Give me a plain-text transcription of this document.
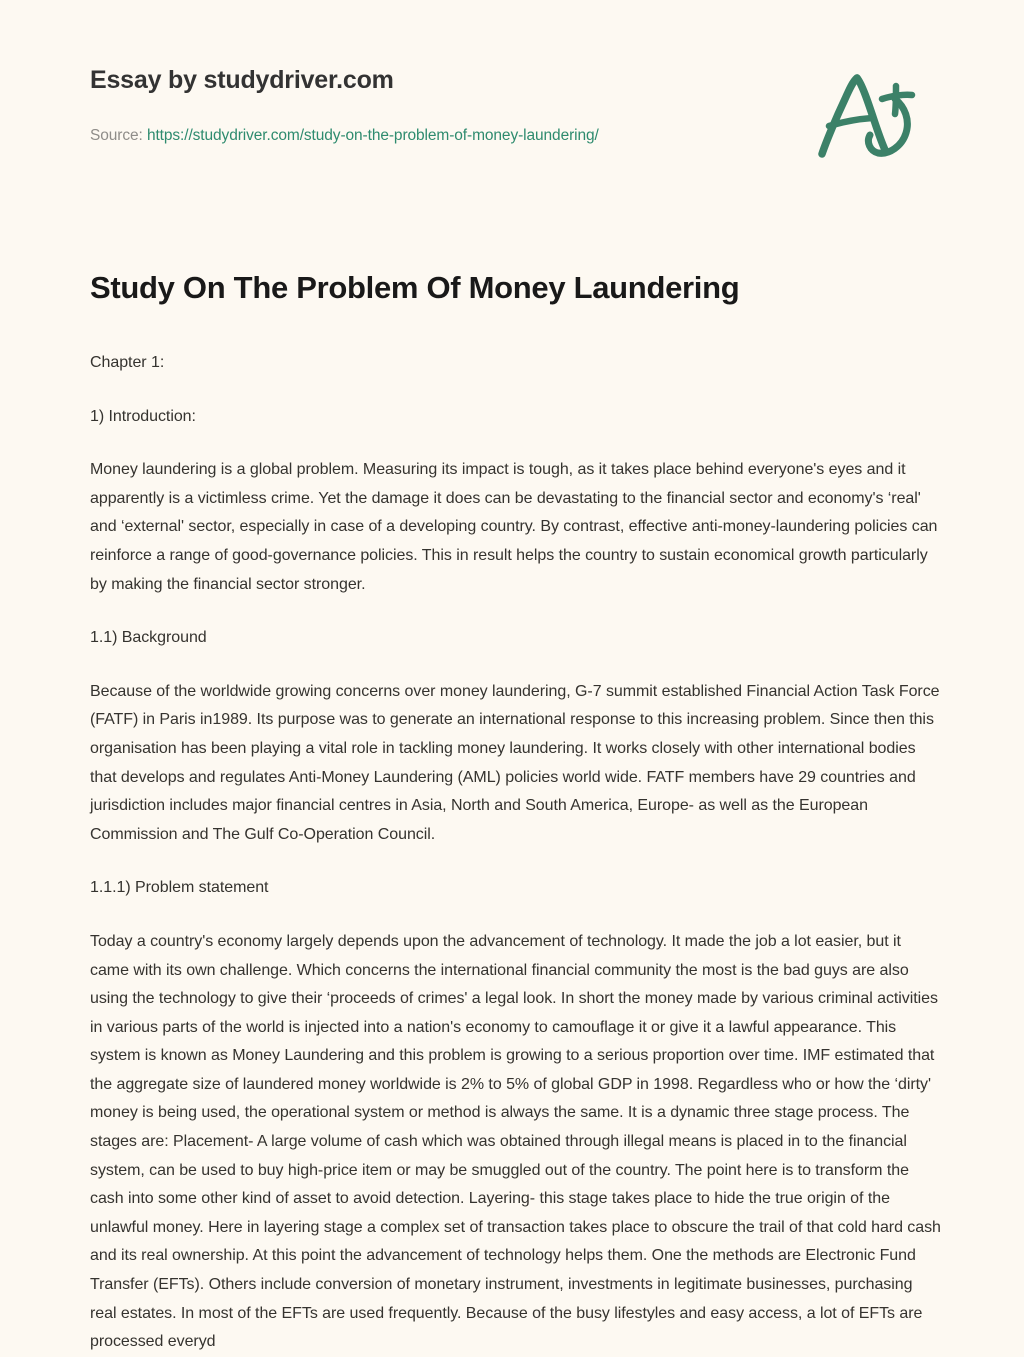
Essay by studydriver.com
Source: https://studydriver.com/study-on-the-problem-of-money-laundering/
Study On The Problem Of Money Laundering

Chapter 1:

1) Introduction:

Money laundering is a global problem. Measuring its impact is tough, as it takes place behind everyone's eyes and it apparently is a victimless crime. Yet the damage it does can be devastating to the financial sector and economy's ‘real' and ‘external' sector, especially in case of a developing country. By contrast, effective anti-money-laundering policies can reinforce a range of good-governance policies. This in result helps the country to sustain economical growth particularly by making the financial sector stronger.

1.1) Background

Because of the worldwide growing concerns over money laundering, G-7 summit established Financial Action Task Force (FATF) in Paris in1989. Its purpose was to generate an international response to this increasing problem. Since then this organisation has been playing a vital role in tackling money laundering. It works closely with other international bodies that develops and regulates Anti-Money Laundering (AML) policies world wide. FATF members have 29 countries and jurisdiction includes major financial centres in Asia, North and South America, Europe- as well as the European Commission and The Gulf Co-Operation Council.

1.1.1) Problem statement

Today a country's economy largely depends upon the advancement of technology. It made the job a lot easier, but it came with its own challenge. Which concerns the international financial community the most is the bad guys are also using the technology to give their ‘proceeds of crimes' a legal look. In short the money made by various criminal activities in various parts of the world is injected into a nation's economy to camouflage it or give it a lawful appearance. This system is known as Money Laundering and this problem is growing to a serious proportion over time. IMF estimated that the aggregate size of laundered money worldwide is 2% to 5% of global GDP in 1998. Regardless who or how the ‘dirty' money is being used, the operational system or method is always the same. It is a dynamic three stage process. The stages are: Placement- A large volume of cash which was obtained through illegal means is placed in to the financial system, can be used to buy high-price item or may be smuggled out of the country. The point here is to transform the cash into some other kind of asset to avoid detection. Layering- this stage takes place to hide the true origin of the unlawful money. Here in layering stage a complex set of transaction takes place to obscure the trail of that cold hard cash and its real ownership. At this point the advancement of technology helps them. One the methods are Electronic Fund Transfer (EFTs). Others include conversion of monetary instrument, investments in legitimate businesses, purchasing real estates. In most of the EFTs are used frequently. Because of the busy lifestyles and easy access, a lot of EFTs are processed everyd
